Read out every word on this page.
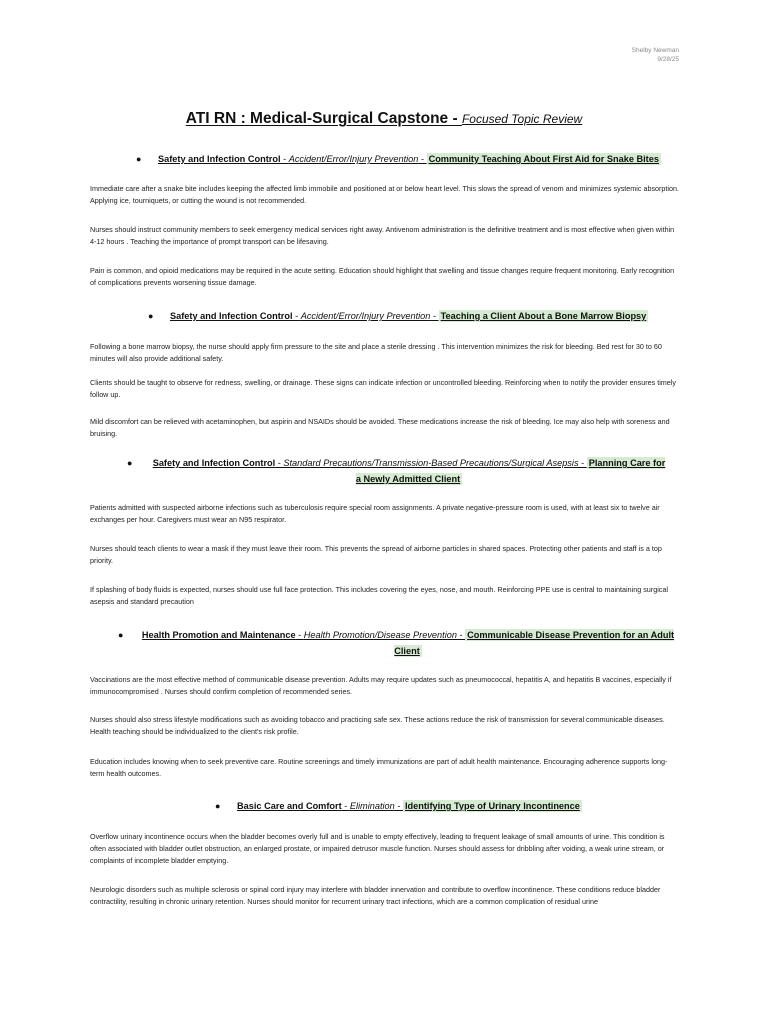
Shelby Newman
9/28/25
ATI RN : Medical-Surgical Capstone - Focused Topic Review
● Safety and Infection Control - Accident/Error/Injury Prevention - Community Teaching About First Aid for Snake Bites
Immediate care after a snake bite includes keeping the affected limb immobile and positioned at or below heart level. This slows the spread of venom and minimizes systemic absorption. Applying ice, tourniquets, or cutting the wound is not recommended.
Nurses should instruct community members to seek emergency medical services right away. Antivenom administration is the definitive treatment and is most effective when given within 4-12 hours . Teaching the importance of prompt transport can be lifesaving.
Pain is common, and opioid medications may be required in the acute setting. Education should highlight that swelling and tissue changes require frequent monitoring. Early recognition of complications prevents worsening tissue damage.
● Safety and Infection Control - Accident/Error/Injury Prevention - Teaching a Client About a Bone Marrow Biopsy
Following a bone marrow biopsy, the nurse should apply firm pressure to the site and place a sterile dressing . This intervention minimizes the risk for bleeding. Bed rest for 30 to 60 minutes will also provide additional safety.
Clients should be taught to observe for redness, swelling, or drainage. These signs can indicate infection or uncontrolled bleeding. Reinforcing when to notify the provider ensures timely follow up.
Mild discomfort can be relieved with acetaminophen, but aspirin and NSAIDs should be avoided. These medications increase the risk of bleeding. Ice may also help with soreness and bruising.
● Safety and Infection Control - Standard Precautions/Transmission-Based Precautions/Surgical Asepsis - Planning Care for a Newly Admitted Client
Patients admitted with suspected airborne infections such as tuberculosis require special room assignments. A private negative-pressure room is used, with at least six to twelve air exchanges per hour. Caregivers must wear an N95 respirator.
Nurses should teach clients to wear a mask if they must leave their room. This prevents the spread of airborne particles in shared spaces. Protecting other patients and staff is a top priority.
If splashing of body fluids is expected, nurses should use full face protection. This includes covering the eyes, nose, and mouth. Reinforcing PPE use is central to maintaining surgical asepsis and standard precaution
● Health Promotion and Maintenance - Health Promotion/Disease Prevention - Communicable Disease Prevention for an Adult Client
Vaccinations are the most effective method of communicable disease prevention. Adults may require updates such as pneumococcal, hepatitis A, and hepatitis B vaccines, especially if immunocompromised . Nurses should confirm completion of recommended series.
Nurses should also stress lifestyle modifications such as avoiding tobacco and practicing safe sex. These actions reduce the risk of transmission for several communicable diseases. Health teaching should be individualized to the client's risk profile.
Education includes knowing when to seek preventive care. Routine screenings and timely immunizations are part of adult health maintenance. Encouraging adherence supports long-term health outcomes.
● Basic Care and Comfort - Elimination - Identifying Type of Urinary Incontinence
Overflow urinary incontinence occurs when the bladder becomes overly full and is unable to empty effectively, leading to frequent leakage of small amounts of urine. This condition is often associated with bladder outlet obstruction, an enlarged prostate, or impaired detrusor muscle function. Nurses should assess for dribbling after voiding, a weak urine stream, or complaints of incomplete bladder emptying.
Neurologic disorders such as multiple sclerosis or spinal cord injury may interfere with bladder innervation and contribute to overflow incontinence. These conditions reduce bladder contractility, resulting in chronic urinary retention. Nurses should monitor for recurrent urinary tract infections, which are a common complication of residual urine
